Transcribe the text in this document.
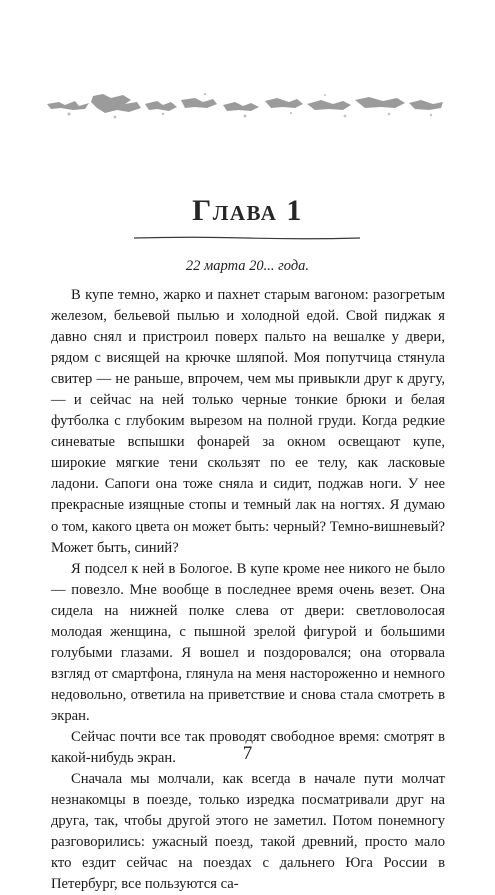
Глава 1
22 марта 20... года.

В купе темно, жарко и пахнет старым вагоном: разогретым железом, бельевой пылью и холодной едой. Свой пиджак я давно снял и пристроил поверх пальто на вешалке у двери, рядом с висящей на крючке шляпой. Моя попутчица стянула свитер — не раньше, впрочем, чем мы привыкли друг к другу, — и сейчас на ней только черные тонкие брюки и белая футболка с глубоким вырезом на полной груди. Когда редкие синеватые вспышки фонарей за окном освещают купе, широкие мягкие тени скользят по ее телу, как ласковые ладони. Сапоги она тоже сняла и сидит, поджав ноги. У нее прекрасные изящные стопы и темный лак на ногтях. Я думаю о том, какого цвета он может быть: черный? Темно-вишневый? Может быть, синий?

Я подсел к ней в Бологое. В купе кроме нее никого не было — повезло. Мне вообще в последнее время очень везет. Она сидела на нижней полке слева от двери: светловолосая молодая женщина, с пышной зрелой фигурой и большими голубыми глазами. Я вошел и поздоровался; она оторвала взгляд от смартфона, глянула на меня настороженно и немного недовольно, ответила на приветствие и снова стала смотреть в экран.

Сейчас почти все так проводят свободное время: смотрят в какой-нибудь экран.

Сначала мы молчали, как всегда в начале пути молчат незнакомцы в поезде, только изредка посматривали друг на друга, так, чтобы другой этого не заметил. Потом понемногу разговорились: ужасный поезд, такой древний, просто мало кто ездит сейчас на поездах с дальнего Юга России в Петербург, все пользуются са-

7
